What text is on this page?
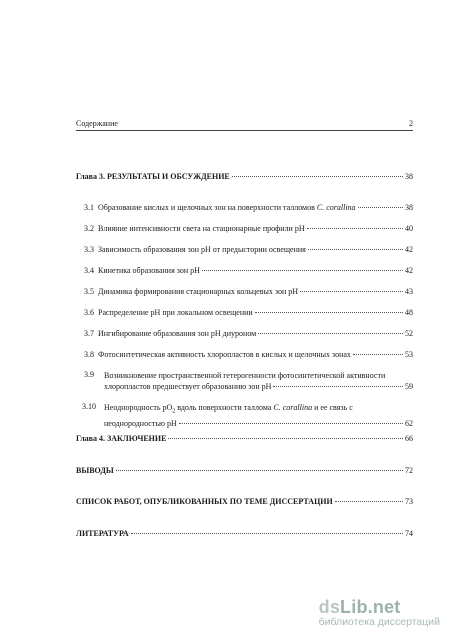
Содержание	2
Глава 3. РЕЗУЛЬТАТЫ И ОБСУЖДЕНИЕ	38
3.1 Образование кислых и щелочных зон на поверхности талломов C. corallina	38
3.2 Влияние интенсивности света на стационарные профили pH	40
3.3 Зависимость образования зон pH от предыстории освещения	42
3.4 Кинетика образования зон pH	42
3.5 Динамика формирования стационарных кольцевых зон pH	43
3.6 Распределение pH при локальном освещении	48
3.7 Ингибирование образования зон pH диуроном	52
3.8 Фотосинтетическая активность хлоропластов в кислых и щелочных зонах	53
3.9 Возникновение пространственной гетерогенности фотосинтетической активности
хлоропластов предшествует образованию зон pH	59
3.10 Неоднородность $pO_2$ вдоль поверхности таллома C. corallina и ее связь с
неоднородностью pH	62
Глава 4. ЗАКЛЮЧЕНИЕ	66
ВЫВОДЫ	72
СПИСОК РАБОТ, ОПУБЛИКОВАННЫХ ПО ТЕМЕ ДИССЕРТАЦИИ	73
ЛИТЕРАТУРА	74
dsLib.net
библиотека диссертаций
